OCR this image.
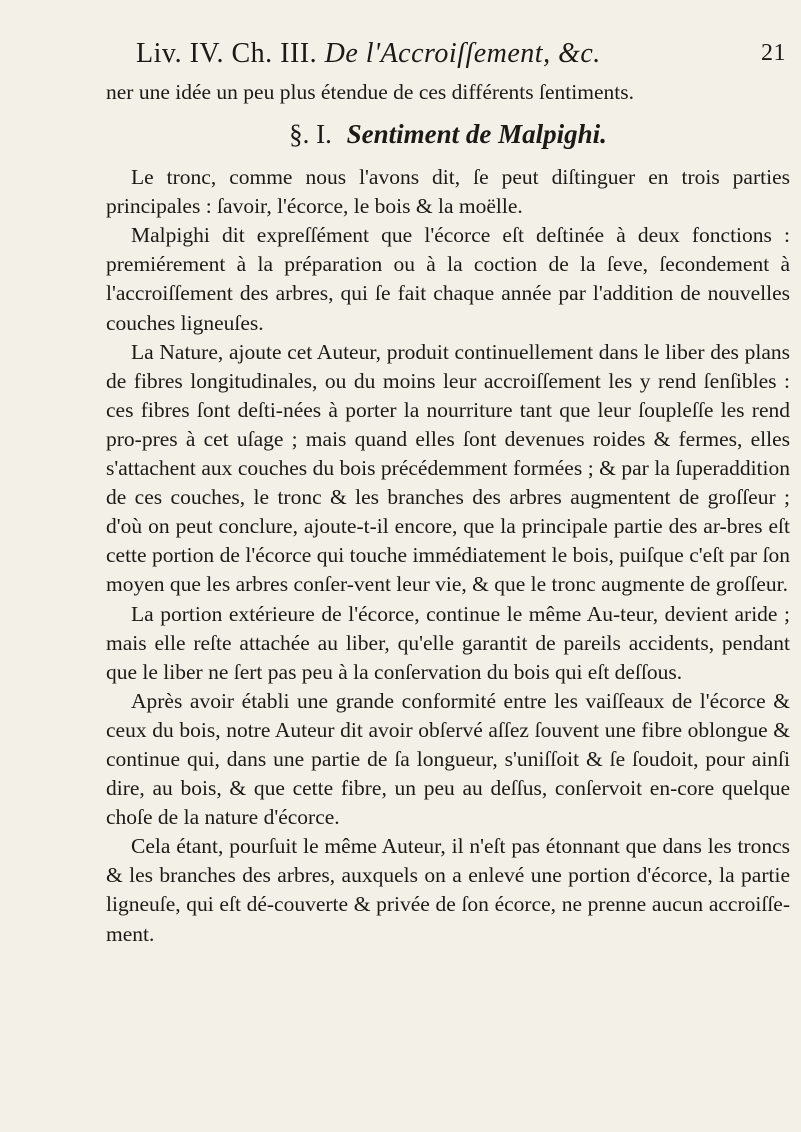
Liv. IV. Ch. III. De l'Accroiſſement, &c.	21

ner une idée un peu plus étendue de ces différents ſentiments.

§. I. Sentiment de Malpighi.

Le tronc, comme nous l'avons dit, ſe peut diſtinguer en trois parties principales : ſavoir, l'écorce, le bois & la moëlle.

Malpighi dit expreſſément que l'écorce eſt deſtinée à deux fonctions : premiérement à la préparation ou à la coction de la ſeve, ſecondement à l'accroiſſement des arbres, qui ſe fait chaque année par l'addition de nouvelles couches ligneuſes.

La Nature, ajoute cet Auteur, produit continuellement dans le liber des plans de fibres longitudinales, ou du moins leur accroiſſement les y rend ſenſibles : ces fibres ſont deſti-nées à porter la nourriture tant que leur ſoupleſſe les rend pro-pres à cet uſage ; mais quand elles ſont devenues roides & fermes, elles s'attachent aux couches du bois précédemment formées ; & par la ſuperaddition de ces couches, le tronc & les branches des arbres augmentent de groſſeur ; d'où on peut conclure, ajoute-t-il encore, que la principale partie des ar-bres eſt cette portion de l'écorce qui touche immédiatement le bois, puiſque c'eſt par ſon moyen que les arbres conſer-vent leur vie, & que le tronc augmente de groſſeur.

La portion extérieure de l'écorce, continue le même Au-teur, devient aride ; mais elle reſte attachée au liber, qu'elle garantit de pareils accidents, pendant que le liber ne ſert pas peu à la conſervation du bois qui eſt deſſous.

Après avoir établi une grande conformité entre les vaiſſeaux de l'écorce & ceux du bois, notre Auteur dit avoir obſervé aſſez ſouvent une fibre oblongue & continue qui, dans une partie de ſa longueur, s'uniſſoit & ſe ſoudoit, pour ainſi dire, au bois, & que cette fibre, un peu au deſſus, conſervoit en-core quelque choſe de la nature d'écorce.

Cela étant, pourſuit le même Auteur, il n'eſt pas étonnant que dans les troncs & les branches des arbres, auxquels on a enlevé une portion d'écorce, la partie ligneuſe, qui eſt dé-couverte & privée de ſon écorce, ne prenne aucun accroiſſe-ment.
